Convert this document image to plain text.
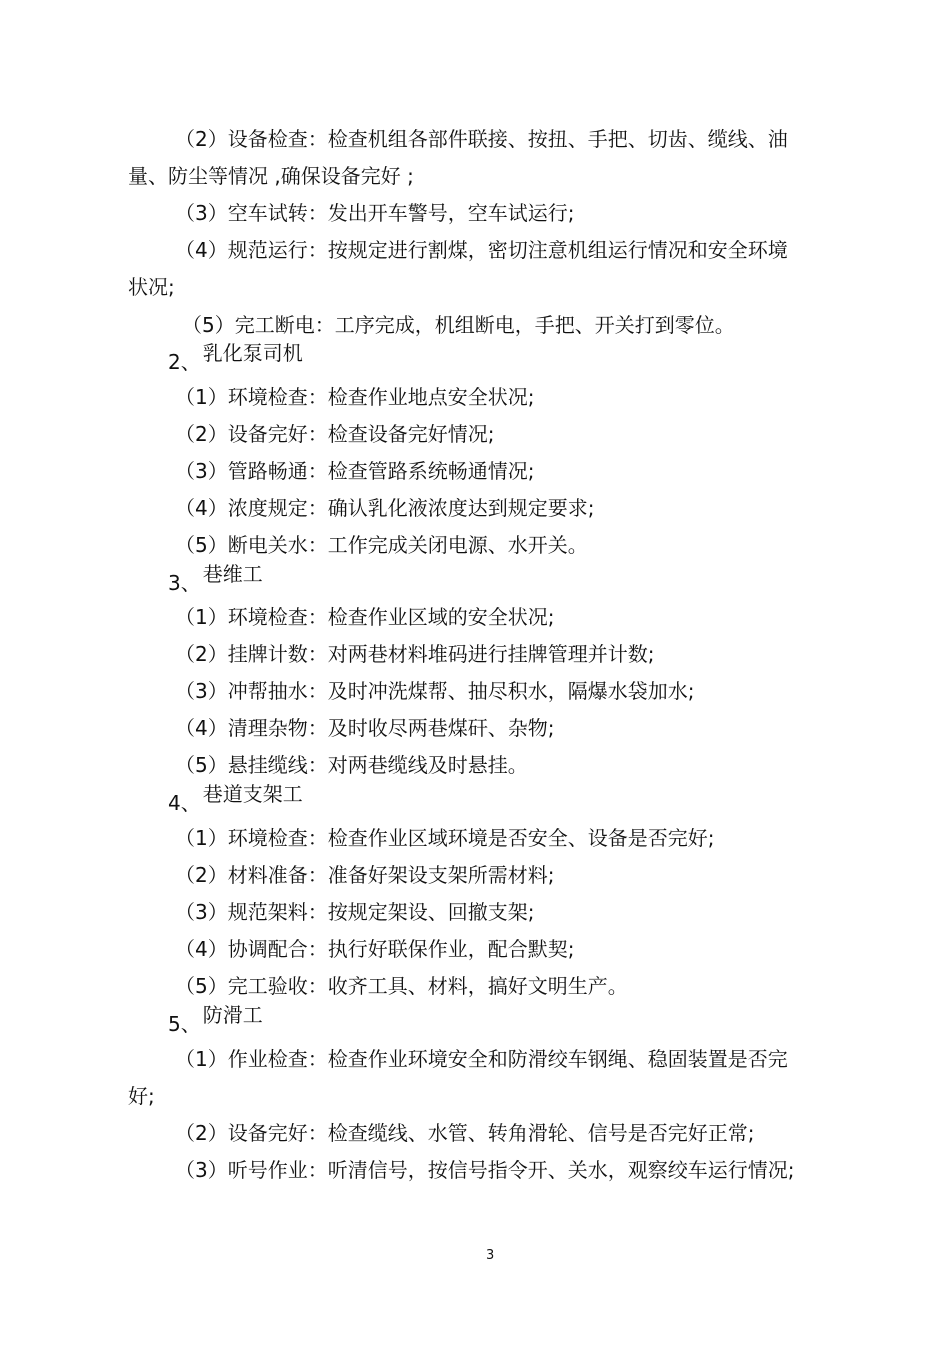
（2）设备检查：检查机组各部件联接、按扭、手把、切齿、缆线、油
量、防尘等情况 ,确保设备完好 ;
（3）空车试转：发出开车警号，空车试运行;
（4）规范运行：按规定进行割煤，密切注意机组运行情况和安全环境
状况;
（5）完工断电：工序完成，机组断电，手把、开关打到零位。
2、 乳化泵司机
（1）环境检查：检查作业地点安全状况;
（2）设备完好：检查设备完好情况;
（3）管路畅通：检查管路系统畅通情况;
（4）浓度规定：确认乳化液浓度达到规定要求;
（5）断电关水：工作完成关闭电源、水开关。
3、 巷维工
（1）环境检查：检查作业区域的安全状况;
（2）挂牌计数：对两巷材料堆码进行挂牌管理并计数;
（3）冲帮抽水：及时冲洗煤帮、抽尽积水，隔爆水袋加水;
（4）清理杂物：及时收尽两巷煤矸、杂物;
（5）悬挂缆线：对两巷缆线及时悬挂。
4、 巷道支架工
（1）环境检查：检查作业区域环境是否安全、设备是否完好;
（2）材料准备：准备好架设支架所需材料;
（3）规范架料：按规定架设、回撤支架;
（4）协调配合：执行好联保作业，配合默契;
（5）完工验收：收齐工具、材料，搞好文明生产。
5、 防滑工
（1）作业检查：检查作业环境安全和防滑绞车钢绳、稳固装置是否完
好;
（2）设备完好：检查缆线、水管、转角滑轮、信号是否完好正常;
（3）听号作业：听清信号，按信号指令开、关水，观察绞车运行情况;
3
